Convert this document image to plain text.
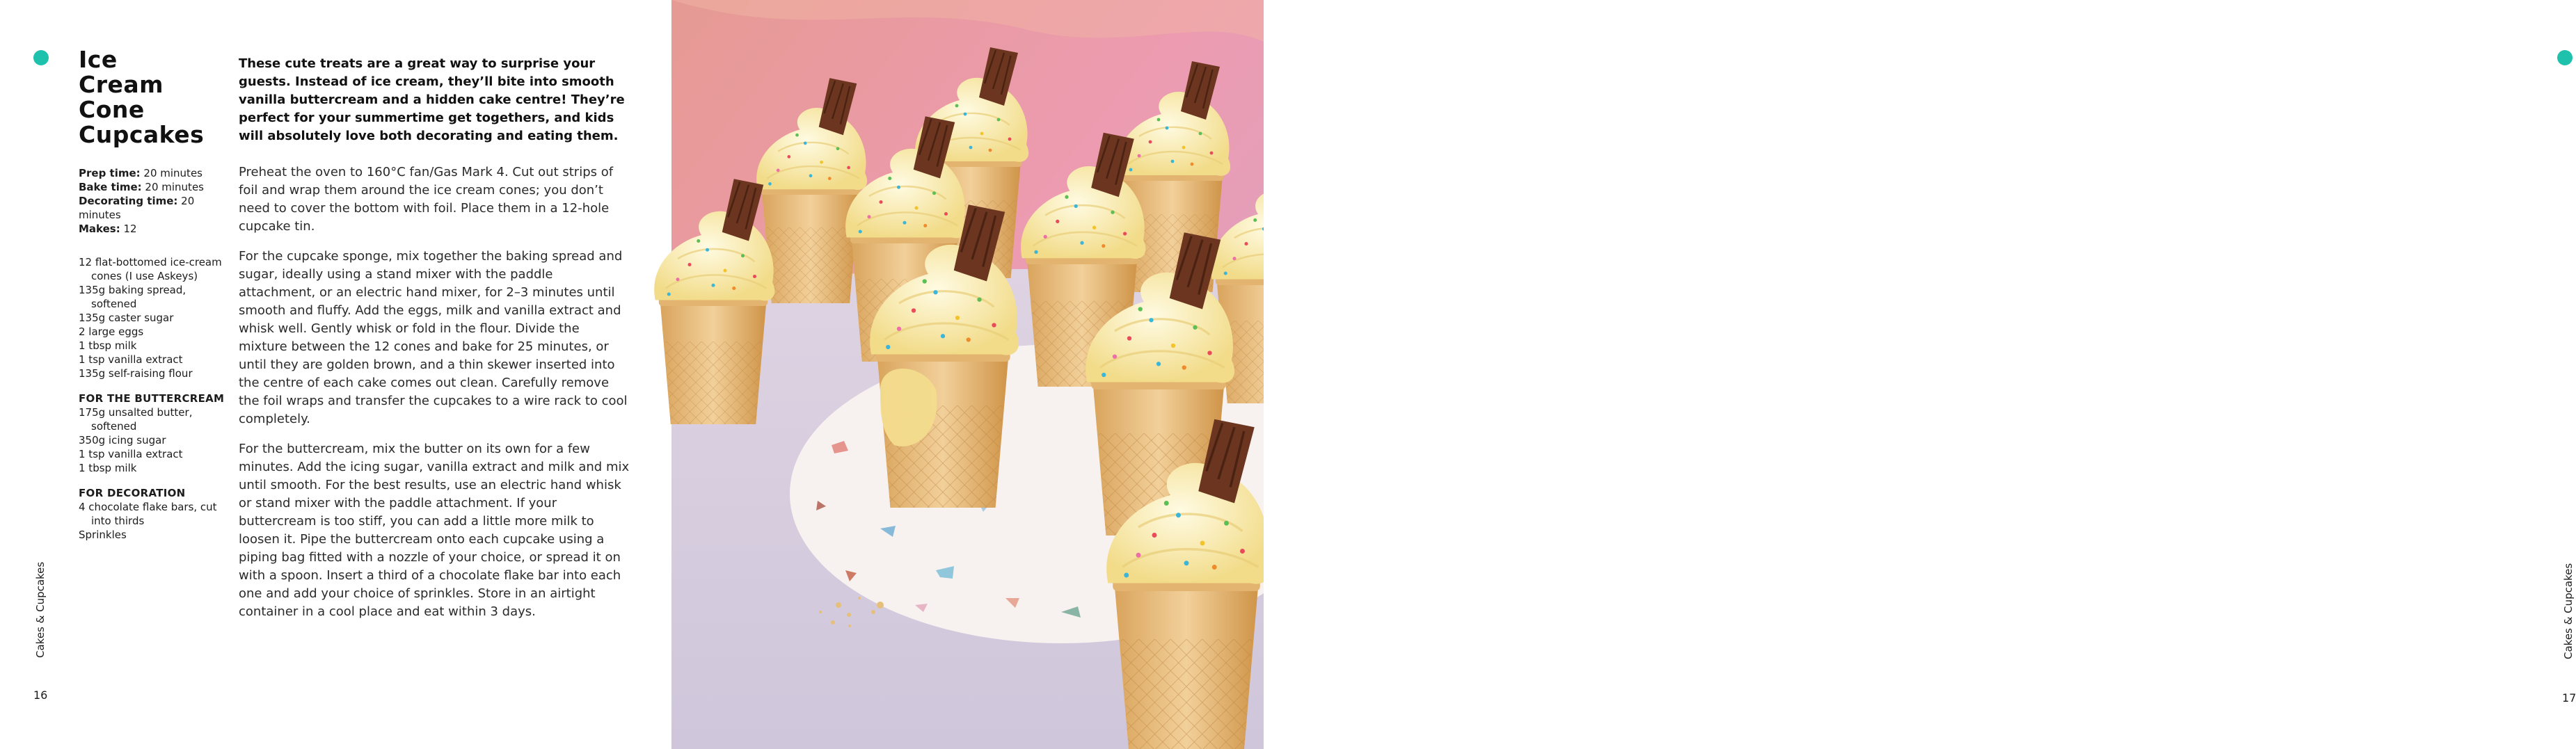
Ice
Cream
Cone
Cupcakes
Prep time: 20 minutes
Bake time: 20 minutes
Decorating time: 20 minutes
Makes: 12
12 flat-bottomed ice-cream cones (I use Askeys)
135g baking spread, softened
135g caster sugar
2 large eggs
1 tbsp milk
1 tsp vanilla extract
135g self-raising flour
FOR THE BUTTERCREAM
175g unsalted butter, softened
350g icing sugar
1 tsp vanilla extract
1 tbsp milk
FOR DECORATION
4 chocolate flake bars, cut into thirds
Sprinkles

These cute treats are a great way to surprise your guests. Instead of ice cream, they’ll bite into smooth vanilla buttercream and a hidden cake centre! They’re perfect for your summertime get togethers, and kids will absolutely love both decorating and eating them.

Preheat the oven to 160°C fan/Gas Mark 4. Cut out strips of foil and wrap them around the ice cream cones; you don’t need to cover the bottom with foil. Place them in a 12-hole cupcake tin.

For the cupcake sponge, mix together the baking spread and sugar, ideally using a stand mixer with the paddle attachment, or an electric hand mixer, for 2–3 minutes until smooth and fluffy. Add the eggs, milk and vanilla extract and whisk well. Gently whisk or fold in the flour. Divide the mixture between the 12 cones and bake for 25 minutes, or until they are golden brown, and a thin skewer inserted into the centre of each cake comes out clean. Carefully remove the foil wraps and transfer the cupcakes to a wire rack to cool completely.

For the buttercream, mix the butter on its own for a few minutes. Add the icing sugar, vanilla extract and milk and mix until smooth. For the best results, use an electric hand whisk or stand mixer with the paddle attachment. If your buttercream is too stiff, you can add a little more milk to loosen it. Pipe the buttercream onto each cupcake using a piping bag fitted with a nozzle of your choice, or spread it on with a spoon. Insert a third of a chocolate flake bar into each one and add your choice of sprinkles. Store in an airtight container in a cool place and eat within 3 days.

Cakes & Cupcakes
16
Cakes & Cupcakes
17
